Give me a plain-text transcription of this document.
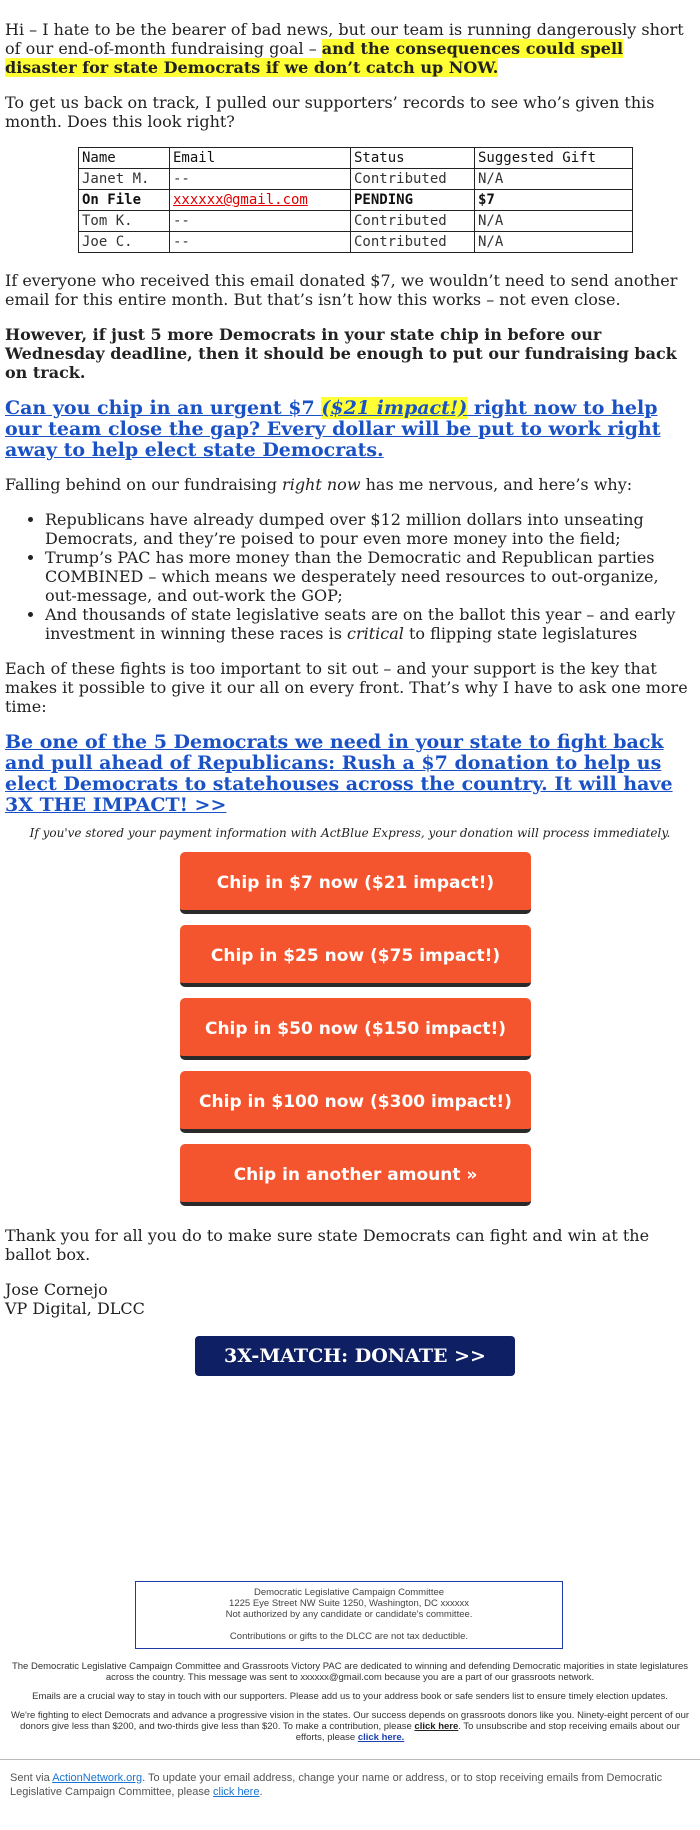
Hi – I hate to be the bearer of bad news, but our team is running dangerously short of our end-of-month fundraising goal – and the consequences could spell disaster for state Democrats if we don’t catch up NOW.

To get us back on track, I pulled our supporters’ records to see who’s given this month. Does this look right?

Name	Email	Status	Suggested Gift
Janet M.	--	Contributed	N/A
On File	xxxxxx@gmail.com	PENDING	$7
Tom K.	--	Contributed	N/A
Joe C.	--	Contributed	N/A

If everyone who received this email donated $7, we wouldn’t need to send another email for this entire month. But that’s isn’t how this works – not even close.

However, if just 5 more Democrats in your state chip in before our Wednesday deadline, then it should be enough to put our fundraising back on track.

Can you chip in an urgent $7 ($21 impact!) right now to help our team close the gap? Every dollar will be put to work right away to help elect state Democrats.

Falling behind on our fundraising right now has me nervous, and here’s why:

• Republicans have already dumped over $12 million dollars into unseating Democrats, and they’re poised to pour even more money into the field;
• Trump’s PAC has more money than the Democratic and Republican parties COMBINED – which means we desperately need resources to out-organize, out-message, and out-work the GOP;
• And thousands of state legislative seats are on the ballot this year – and early investment in winning these races is critical to flipping state legislatures

Each of these fights is too important to sit out – and your support is the key that makes it possible to give it our all on every front. That’s why I have to ask one more time:

Be one of the 5 Democrats we need in your state to fight back and pull ahead of Republicans: Rush a $7 donation to help us elect Democrats to statehouses across the country. It will have 3X THE IMPACT! >>
If you've stored your payment information with ActBlue Express, your donation will process immediately.
Chip in $7 now ($21 impact!)
Chip in $25 now ($75 impact!)
Chip in $50 now ($150 impact!)
Chip in $100 now ($300 impact!)
Chip in another amount »

Thank you for all you do to make sure state Democrats can fight and win at the ballot box.

Jose Cornejo
VP Digital, DLCC

3X-MATCH: DONATE >>
Democratic Legislative Campaign Committee
1225 Eye Street NW Suite 1250, Washington, DC xxxxxx
Not authorized by any candidate or candidate's committee.
Contributions or gifts to the DLCC are not tax deductible.
The Democratic Legislative Campaign Committee and Grassroots Victory PAC are dedicated to winning and defending Democratic majorities in state legislatures across the country. This message was sent to xxxxxx@gmail.com because you are a part of our grassroots network.
Emails are a crucial way to stay in touch with our supporters. Please add us to your address book or safe senders list to ensure timely election updates.
We're fighting to elect Democrats and advance a progressive vision in the states. Our success depends on grassroots donors like you. Ninety-eight percent of our donors give less than $200, and two-thirds give less than $20. To make a contribution, please click here. To unsubscribe and stop receiving emails about our efforts, please click here.
Sent via ActionNetwork.org. To update your email address, change your name or address, or to stop receiving emails from Democratic Legislative Campaign Committee, please click here.
